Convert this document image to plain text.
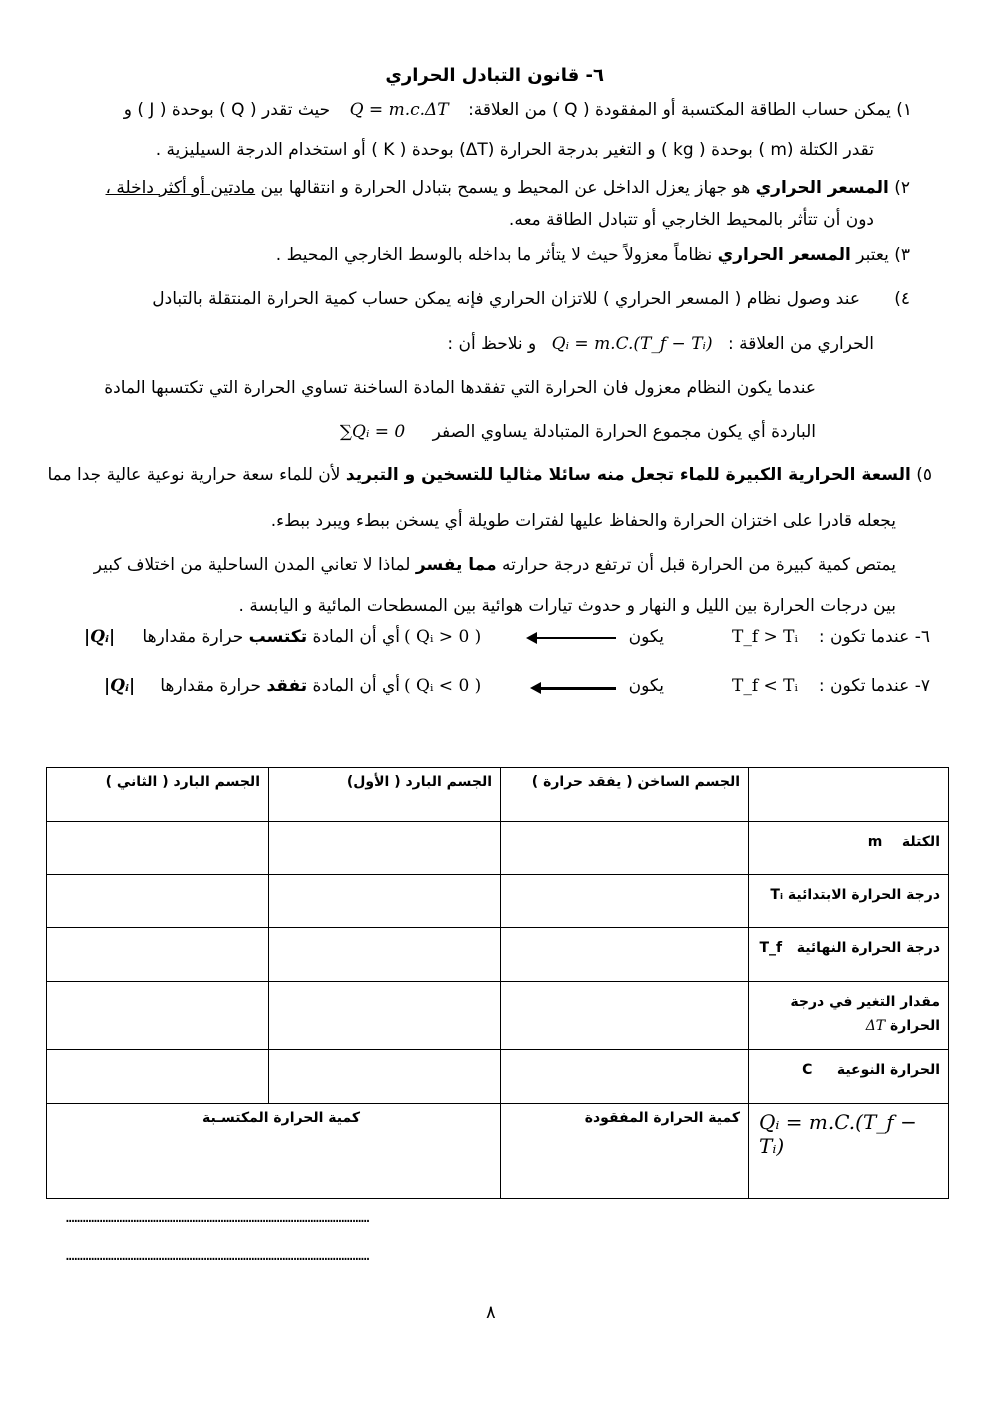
٦- قانون التبادل الحراري
١) يمكن حساب الطاقة المكتسبة أو المفقودة ( Q ) من العلاقة: Q = m.c.ΔT حيث تقدر ( Q ) بوحدة ( J ) و
تقدر الكتلة (m ) بوحدة ( kg ) و التغير بدرجة الحرارة (ΔT) بوحدة ( K ) أو استخدام الدرجة السيليزية .
٢) المسعر الحراري هو جهاز يعزل الداخل عن المحيط و يسمح بتبادل الحرارة و انتقالها بين مادتين أو أكثر داخلة ،
دون أن تتأثر بالمحيط الخارجي أو تتبادل الطاقة معه.
٣) يعتبر المسعر الحراري نظاماً معزولاً حيث لا يتأثر ما بداخله بالوسط الخارجي المحيط .
٤)
عند وصول نظام ( المسعر الحراري ) للاتزان الحراري فإنه يمكن حساب كمية الحرارة المنتقلة بالتبادل
الحراري من العلاقة : Qᵢ = m.C.(T_f − Tᵢ) و نلاحظ أن :
عندما يكون النظام معزول فان الحرارة التي تفقدها المادة الساخنة تساوي الحرارة التي تكتسبها المادة
الباردة أي يكون مجموع الحرارة المتبادلة يساوي الصفر ∑Qᵢ = 0
٥) السعة الحرارية الكبيرة للماء تجعل منه سائلا مثاليا للتسخين و التبريد لأن للماء سعة حرارية نوعية عالية جدا مما
يجعله قادرا على اختزان الحرارة والحفاظ عليها لفترات طويلة أي يسخن ببطء ويبرد ببطء.
يمتص كمية كبيرة من الحرارة قبل أن ترتفع درجة حرارته مما يفسر لماذا لا تعاني المدن الساحلية من اختلاف كبير
بين درجات الحرارة بين الليل و النهار و حدوث تيارات هوائية بين المسطحات المائية و اليابسة .
٦- عندما تكون :
T_f > Tᵢ
يكون
( Qᵢ > 0 )
أي أن المادة تكتسب حرارة مقدارها
|Qᵢ|
٧- عندما تكون :
T_f < Tᵢ
يكون
( Qᵢ < 0 )
أي أن المادة تفقد حرارة مقدارها
|Qᵢ|
	الجسم الساخن ( يفقد حرارة )	الجسم البارد ( الأول)	الجسم البارد ( الثاني )
الكتلة    m			
درجة الحرارة الابتدائية Tᵢ			
درجة الحرارة النهائية   T_f			
مقدار التغير في درجة الحرارة ΔT			
الحرارة النوعية     C			
Qᵢ = m.C.(T_f − Tᵢ)	كمية الحرارة المفقودة	كمية الحرارة المكتسـبة	
………………………………………………………………………………………………
………………………………………………………………………………………………
٨
